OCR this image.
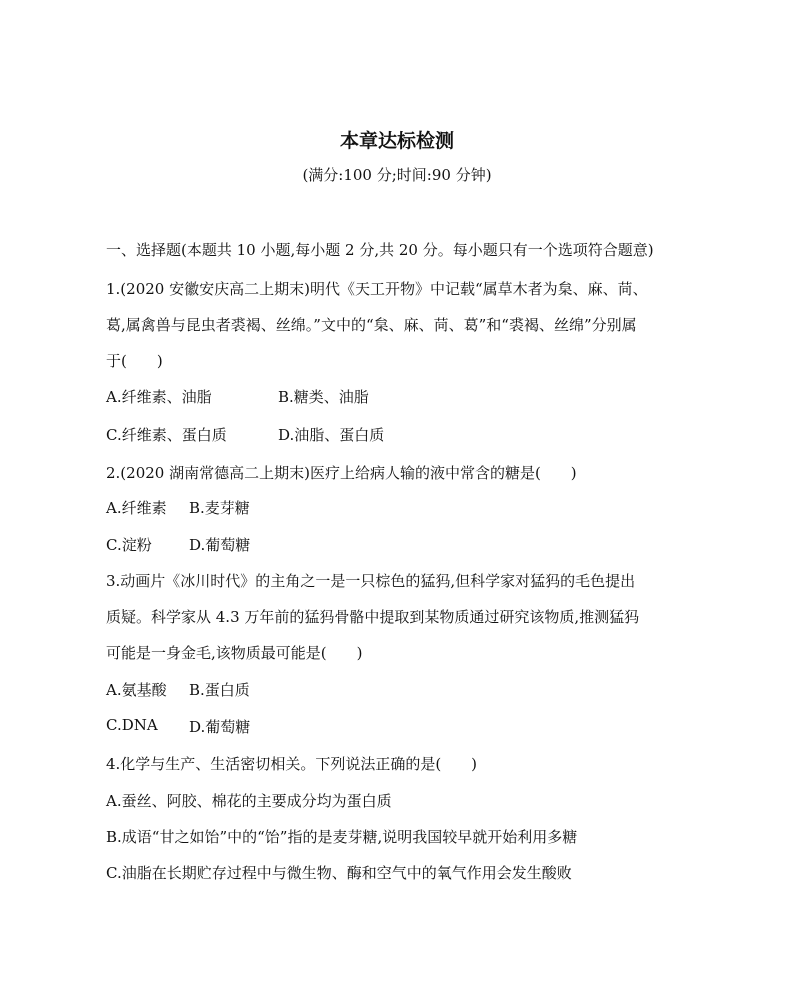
本章达标检测
(满分:100 分;时间:90 分钟)
一、选择题(本题共 10 小题,每小题 2 分,共 20 分。每小题只有一个选项符合题意)
1.(2020 安徽安庆高二上期末)明代《天工开物》中记载“属草木者为枲、麻、苘、
葛,属禽兽与昆虫者裘褐、丝绵。”文中的“枲、麻、苘、葛”和“裘褐、丝绵”分别属
于(　　)
A.纤维素、油脂	B.糖类、油脂
C.纤维素、蛋白质	D.油脂、蛋白质
2.(2020 湖南常德高二上期末)医疗上给病人输的液中常含的糖是(　　)
A.纤维素 B.麦芽糖
C.淀粉 D.葡萄糖
3.动画片《冰川时代》的主角之一是一只棕色的猛犸,但科学家对猛犸的毛色提出
质疑。科学家从 4.3 万年前的猛犸骨骼中提取到某物质通过研究该物质,推测猛犸
可能是一身金毛,该物质最可能是(　　)
A.氨基酸 B.蛋白质
C.DNA D.葡萄糖
4.化学与生产、生活密切相关。下列说法正确的是(　　)
A.蚕丝、阿胶、棉花的主要成分均为蛋白质
B.成语“甘之如饴”中的“饴”指的是麦芽糖,说明我国较早就开始利用多糖
C.油脂在长期贮存过程中与微生物、酶和空气中的氧气作用会发生酸败
